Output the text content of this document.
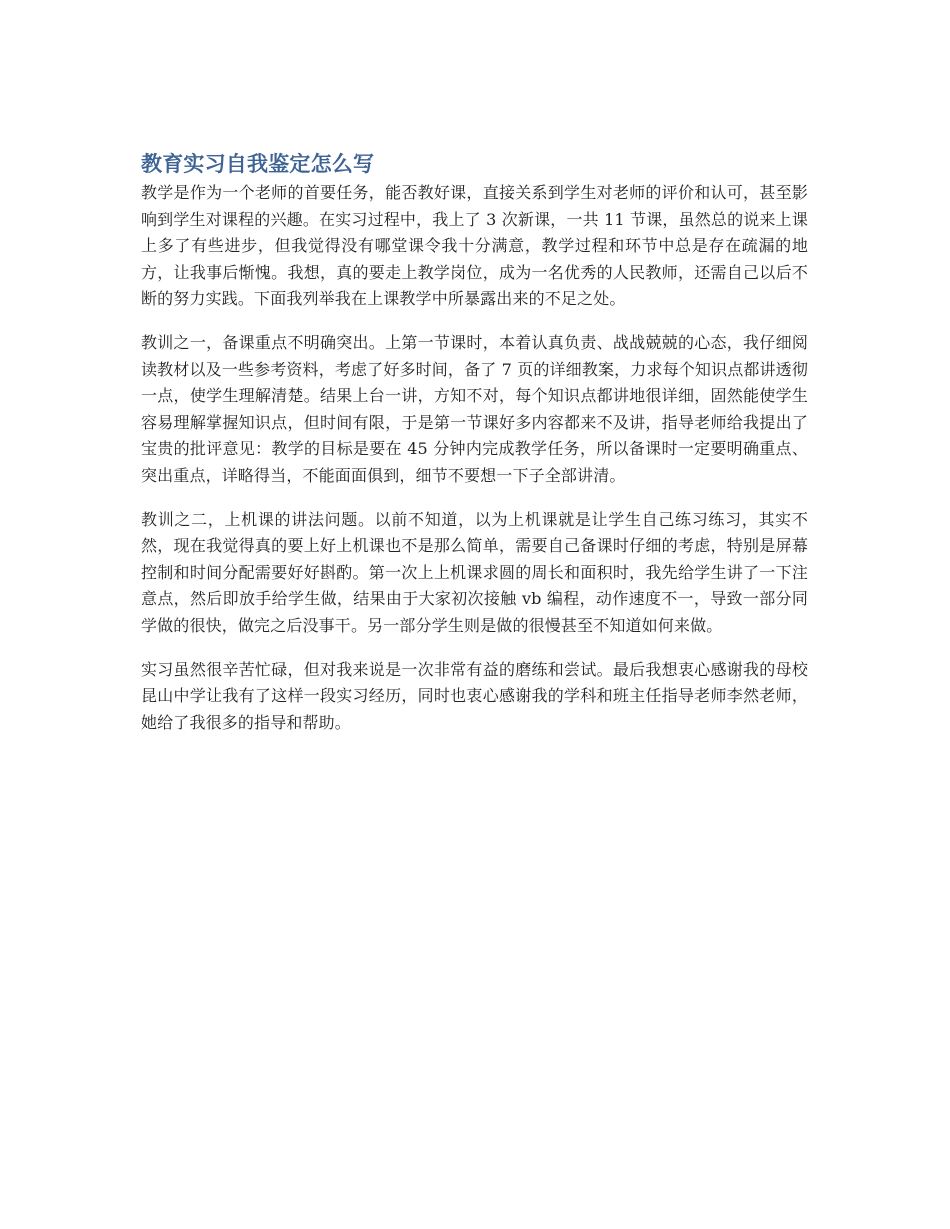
教育实习自我鉴定怎么写

教学是作为一个老师的首要任务，能否教好课，直接关系到学生对老师的评价和认可，甚至影响到学生对课程的兴趣。在实习过程中，我上了 3 次新课，一共 11 节课，虽然总的说来上课上多了有些进步，但我觉得没有哪堂课令我十分满意，教学过程和环节中总是存在疏漏的地方，让我事后惭愧。我想，真的要走上教学岗位，成为一名优秀的人民教师，还需自己以后不断的努力实践。下面我列举我在上课教学中所暴露出来的不足之处。

教训之一，备课重点不明确突出。上第一节课时，本着认真负责、战战兢兢的心态，我仔细阅读教材以及一些参考资料，考虑了好多时间，备了 7 页的详细教案，力求每个知识点都讲透彻一点，使学生理解清楚。结果上台一讲，方知不对，每个知识点都讲地很详细，固然能使学生容易理解掌握知识点，但时间有限，于是第一节课好多内容都来不及讲，指导老师给我提出了宝贵的批评意见：教学的目标是要在 45 分钟内完成教学任务，所以备课时一定要明确重点、突出重点，详略得当，不能面面俱到，细节不要想一下子全部讲清。

教训之二，上机课的讲法问题。以前不知道，以为上机课就是让学生自己练习练习，其实不然，现在我觉得真的要上好上机课也不是那么简单，需要自己备课时仔细的考虑，特别是屏幕控制和时间分配需要好好斟酌。第一次上上机课求圆的周长和面积时，我先给学生讲了一下注意点，然后即放手给学生做，结果由于大家初次接触 vb 编程，动作速度不一，导致一部分同学做的很快，做完之后没事干。另一部分学生则是做的很慢甚至不知道如何来做。

实习虽然很辛苦忙碌，但对我来说是一次非常有益的磨练和尝试。最后我想衷心感谢我的母校昆山中学让我有了这样一段实习经历，同时也衷心感谢我的学科和班主任指导老师李然老师，她给了我很多的指导和帮助。
